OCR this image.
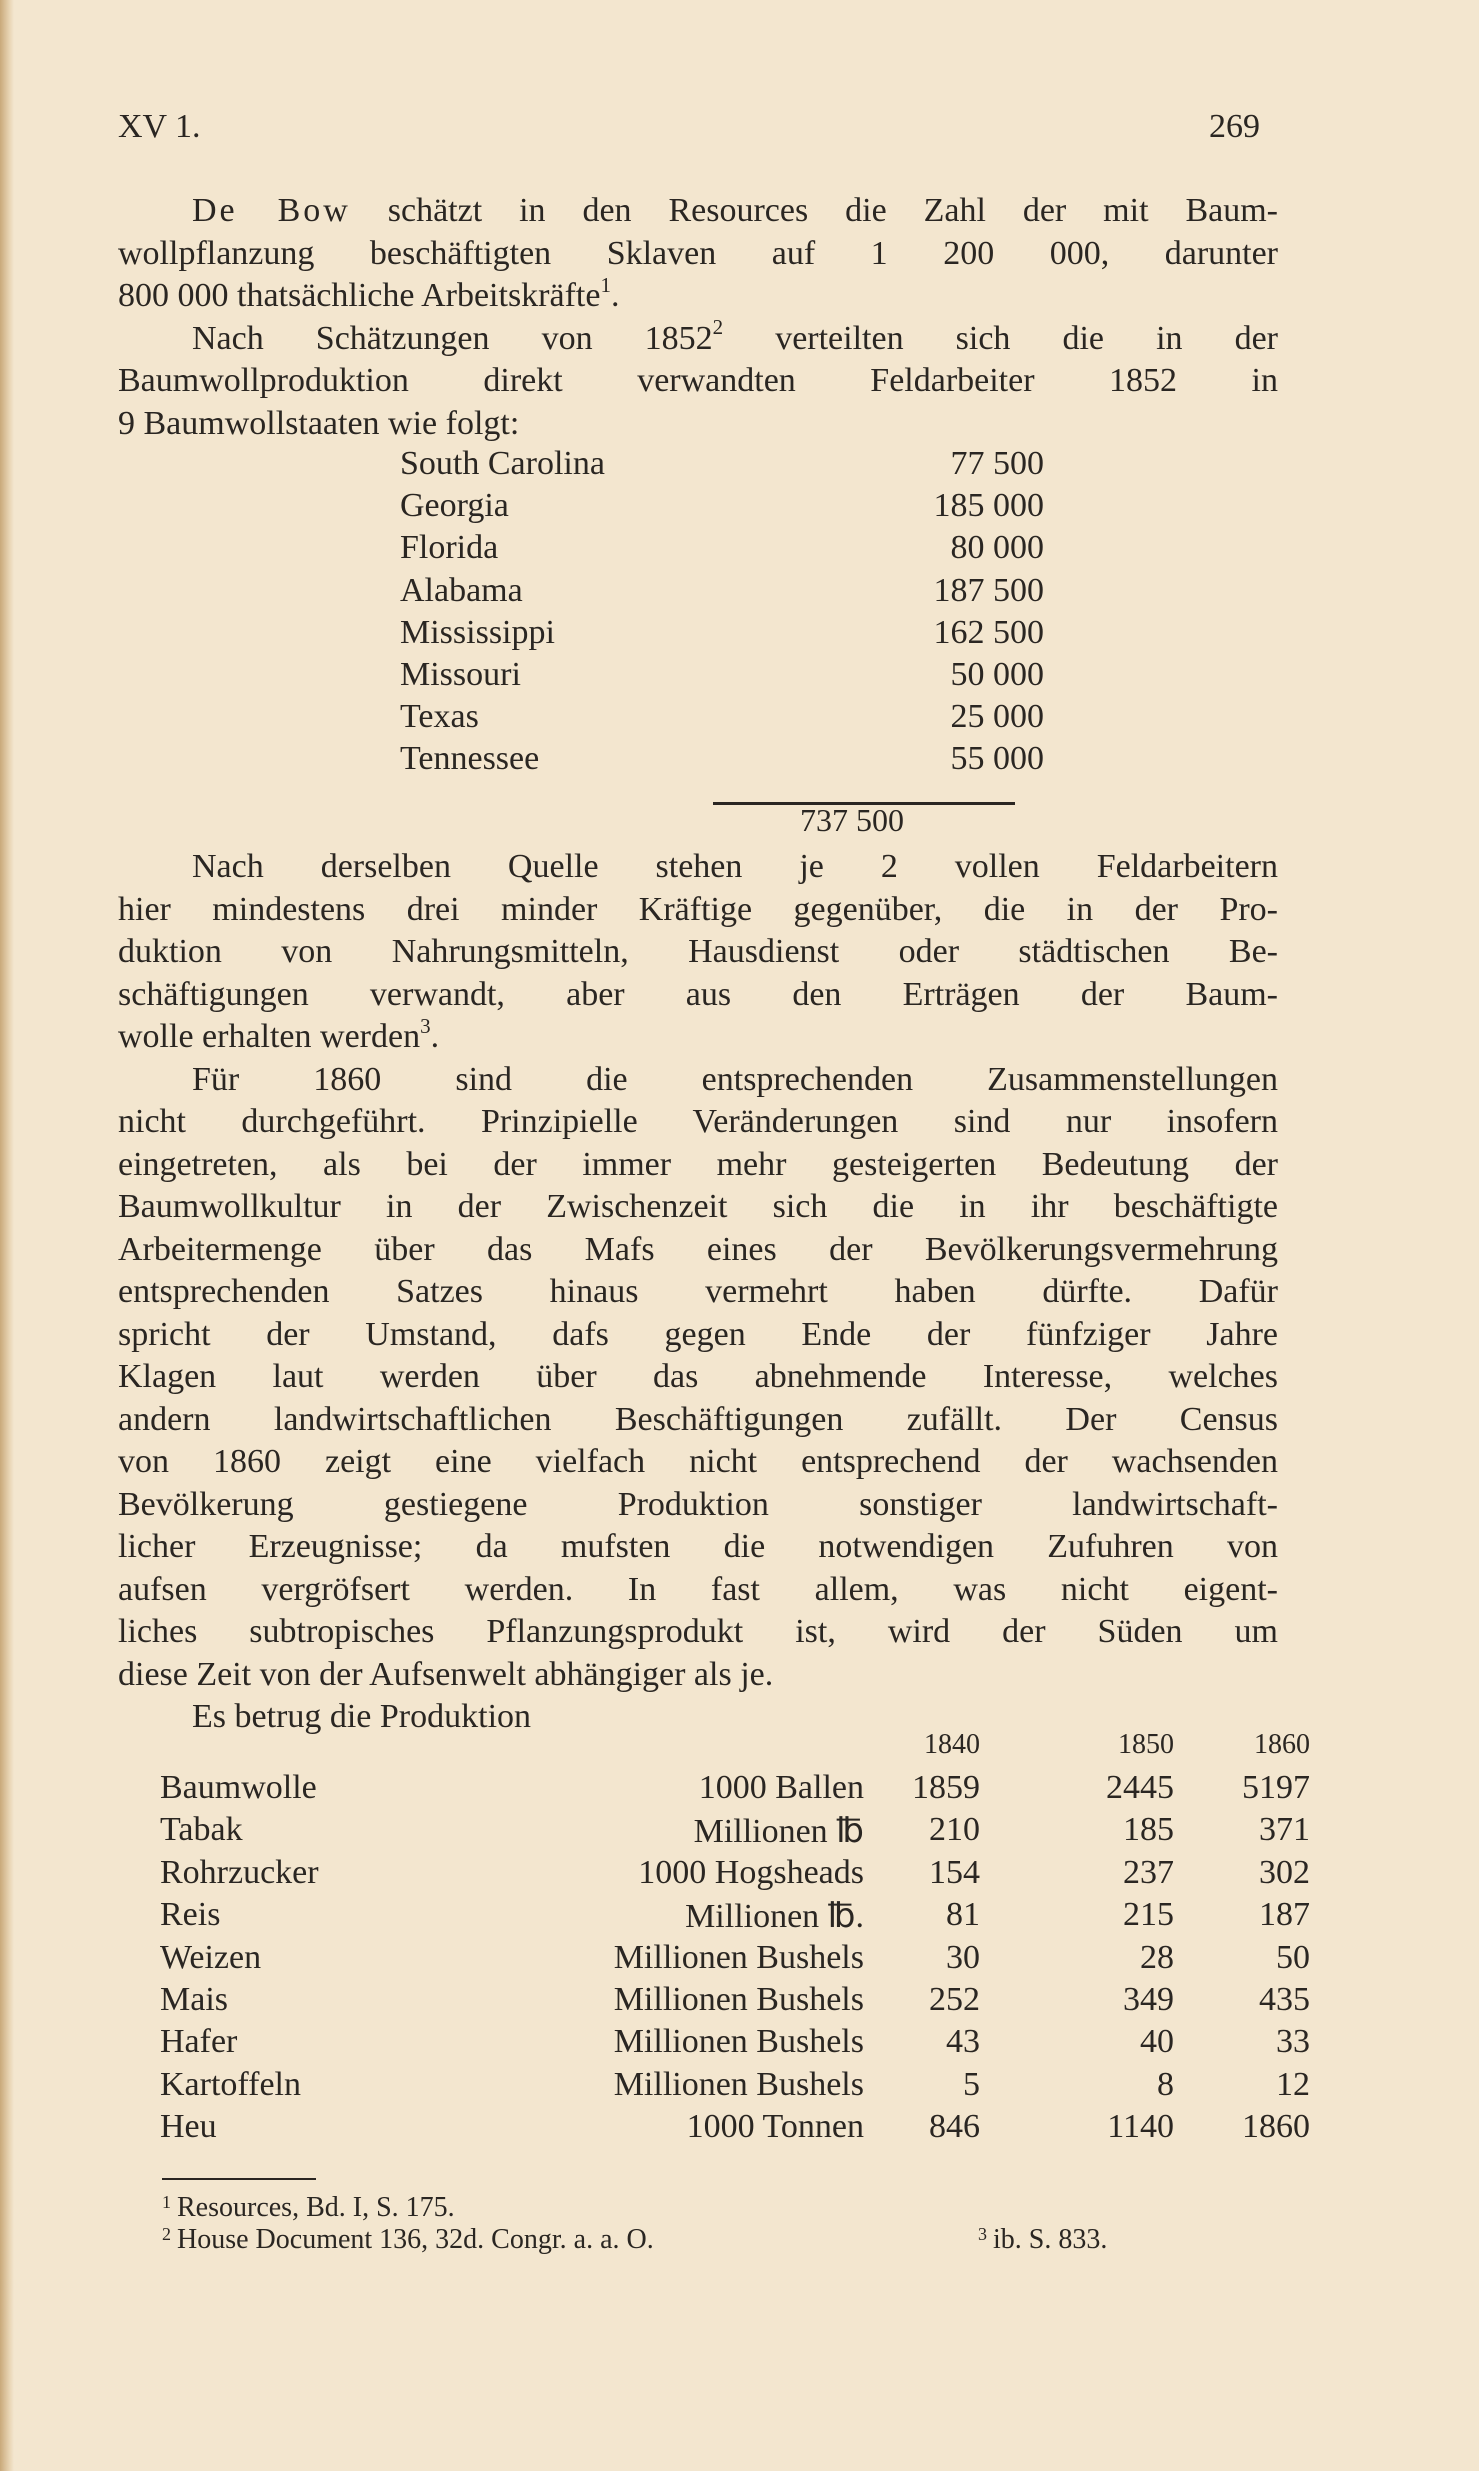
XV 1.	269
De Bow schätzt in den Resources die Zahl der mit Baum-
wollpflanzung beschäftigten Sklaven auf 1 200 000, darunter
800 000 thatsächliche Arbeitskräfte$^1$.
Nach Schätzungen von 1852$^2$ verteilten sich die in der
Baumwollproduktion direkt verwandten Feldarbeiter 1852 in
9 Baumwollstaaten wie folgt:
South Carolina	77 500
Georgia	185 000
Florida	80 000
Alabama	187 500
Mississippi	162 500
Missouri	50 000
Texas	25 000
Tennessee	55 000
737 500
Nach derselben Quelle stehen je 2 vollen Feldarbeitern
hier mindestens drei minder Kräftige gegenüber, die in der Pro-
duktion von Nahrungsmitteln, Hausdienst oder städtischen Be-
schäftigungen verwandt, aber aus den Erträgen der Baum-
wolle erhalten werden$^3$.
Für 1860 sind die entsprechenden Zusammenstellungen
nicht durchgeführt. Prinzipielle Veränderungen sind nur insofern
eingetreten, als bei der immer mehr gesteigerten Bedeutung der
Baumwollkultur in der Zwischenzeit sich die in ihr beschäftigte
Arbeitermenge über das Mafs eines der Bevölkerungsvermehrung
entsprechenden Satzes hinaus vermehrt haben dürfte. Dafür
spricht der Umstand, dafs gegen Ende der fünfziger Jahre
Klagen laut werden über das abnehmende Interesse, welches
andern landwirtschaftlichen Beschäftigungen zufällt. Der Census
von 1860 zeigt eine vielfach nicht entsprechend der wachsenden
Bevölkerung gestiegene Produktion sonstiger landwirtschaft-
licher Erzeugnisse; da mufsten die notwendigen Zufuhren von
aufsen vergröfsert werden. In fast allem, was nicht eigent-
liches subtropisches Pflanzungsprodukt ist, wird der Süden um
diese Zeit von der Aufsenwelt abhängiger als je.
Es betrug die Produktion
1840	1850	1860
Baumwolle	1000 Ballen	1859	2445	5197
Tabak	Millionen ℔	210	185	371
Rohrzucker	1000 Hogsheads	154	237	302
Reis	Millionen ℔.	81	215	187
Weizen	Millionen Bushels	30	28	50
Mais	Millionen Bushels	252	349	435
Hafer	Millionen Bushels	43	40	33
Kartoffeln	Millionen Bushels	5	8	12
Heu	1000 Tonnen	846	1140	1860
$^1$ Resources, Bd. I, S. 175.
$^2$ House Document 136, 32d. Congr. a. a. O.	$^3$ ib. S. 833.
